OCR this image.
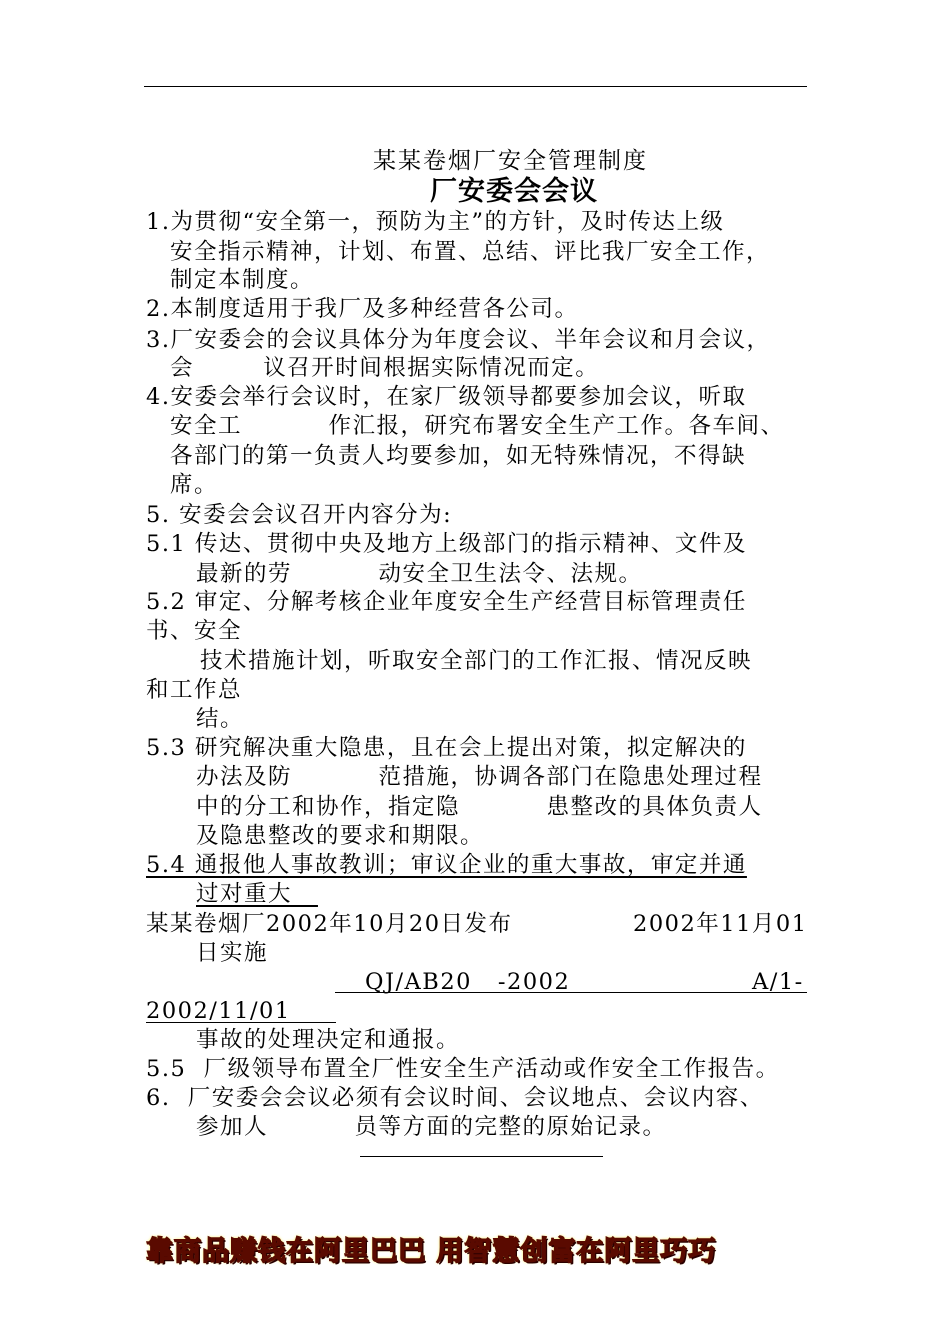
某某卷烟厂安全管理制度
厂安委会会议
1.为贯彻“安全第一，预防为主”的方针，及时传达上级
安全指示精神，计划、布置、总结、评比我厂安全工作，
制定本制度。
2.本制度适用于我厂及多种经营各公司。
3.厂安委会的会议具体分为年度会议、半年会议和月会议，
会        议召开时间根据实际情况而定。
4.安委会举行会议时，在家厂级领导都要参加会议，听取
安全工          作汇报，研究布署安全生产工作。各车间、
各部门的第一负责人均要参加，如无特殊情况，不得缺
席。
5. 安委会会议召开内容分为:
5.1 传达、贯彻中央及地方上级部门的指示精神、文件及
最新的劳          动安全卫生法令、法规。
5.2 审定、分解考核企业年度安全生产经营目标管理责任
书、安全
技术措施计划，听取安全部门的工作汇报、情况反映
和工作总
结。
5.3 研究解决重大隐患，且在会上提出对策，拟定解决的
办法及防          范措施，协调各部门在隐患处理过程
中的分工和协作，指定隐          患整改的具体负责人
及隐患整改的要求和期限。
5.4 通报他人事故教训；审议企业的重大事故，审定并通
过对重大
某某卷烟厂2002年10月20日发布	2002年11月01
日实施
QJ/AB20   -2002	A/1-
2002/11/01
事故的处理决定和通报。
5.5  厂级领导布置全厂性安全生产活动或作安全工作报告。
6.  厂安委会会议必须有会议时间、会议地点、会议内容、
参加人          员等方面的完整的原始记录。
靠商品赚钱在阿里巴巴 用智慧创富在阿里巧巧
